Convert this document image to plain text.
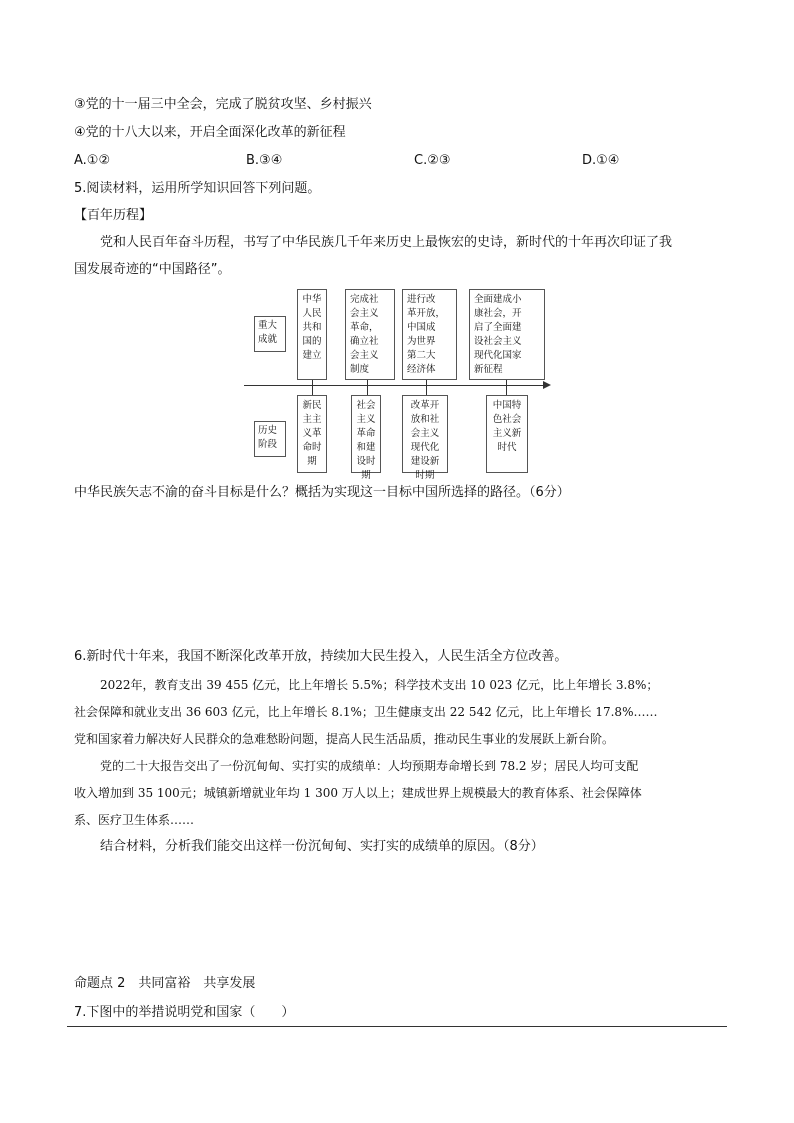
③党的十一届三中全会，完成了脱贫攻坚、乡村振兴
④党的十八大以来，开启全面深化改革的新征程
A.①②	B.③④	C.②③	D.①④
5.阅读材料，运用所学知识回答下列问题。
【百年历程】
党和人民百年奋斗历程，书写了中华民族几千年来历史上最恢宏的史诗，新时代的十年再次印证了我
国发展奇迹的“中国路径”。
重大
成就
历史
阶段
中华
人民
共和
国的
建立
完成社
会主义
革命，
确立社
会主义
制度
进行改
革开放，
中国成
为世界
第二大
经济体
全面建成小
康社会，开
启了全面建
设社会主义
现代化国家
新征程
新民
主主
义革
命时
期
社会
主义
革命
和建
设时
期
改革开
放和社
会主义
现代化
建设新
时期
中国特
色社会
主义新
时代
中华民族矢志不渝的奋斗目标是什么？概括为实现这一目标中国所选择的路径。（6分）
6.新时代十年来，我国不断深化改革开放，持续加大民生投入，人民生活全方位改善。
2022年，教育支出 39 455 亿元，比上年增长 5.5%；科学技术支出 10 023 亿元，比上年增长 3.8%；
社会保障和就业支出 36 603 亿元，比上年增长 8.1%；卫生健康支出 22 542 亿元，比上年增长 17.8%……
党和国家着力解决好人民群众的急难愁盼问题，提高人民生活品质，推动民生事业的发展跃上新台阶。
党的二十大报告交出了一份沉甸甸、实打实的成绩单：人均预期寿命增长到 78.2 岁；居民人均可支配
收入增加到 35 100元；城镇新增就业年均 1 300 万人以上；建成世界上规模最大的教育体系、社会保障体
系、医疗卫生体系……
结合材料，分析我们能交出这样一份沉甸甸、实打实的成绩单的原因。（8分）
命题点 2　共同富裕　共享发展
7.下图中的举措说明党和国家（　　）
